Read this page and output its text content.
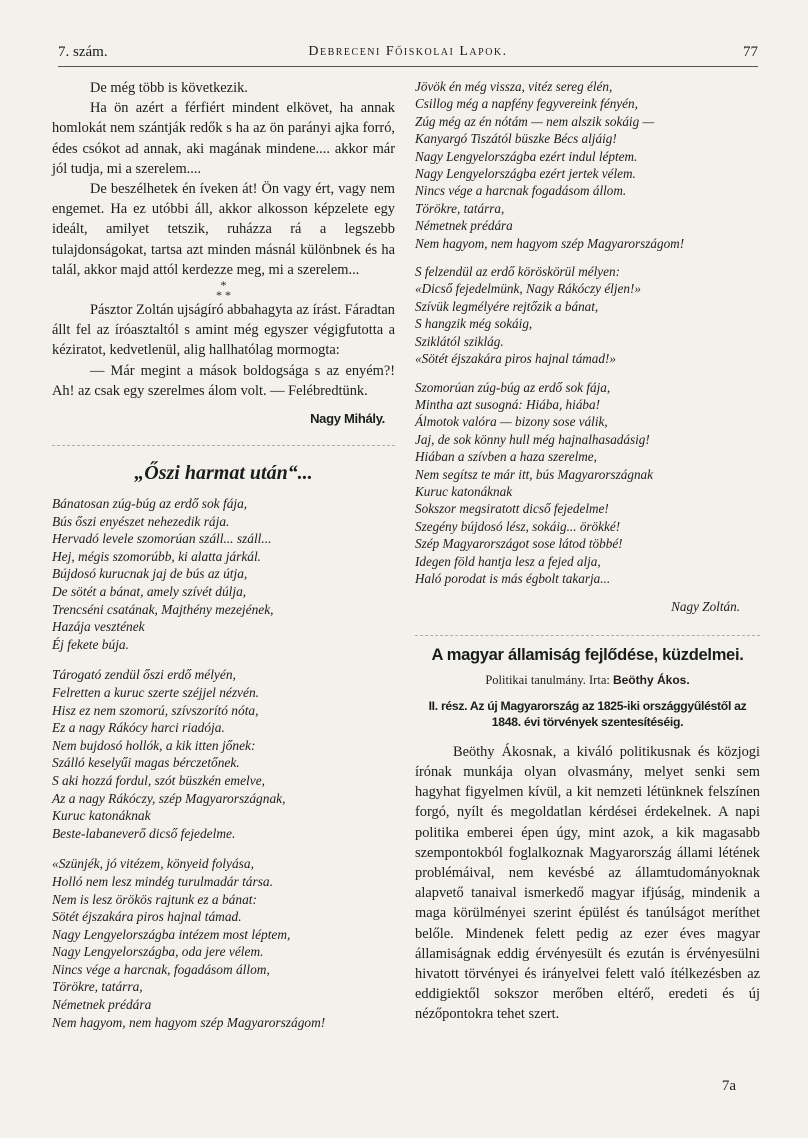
7. szám.	Debreceni Főiskolai Lapok.	77

De még több is következik.

Ha ön azért a férfiért mindent elkövet, ha annak homlokát nem szántják redők s ha az ön parányi ajka forró, édes csókot ad annak, aki magának mindene.... akkor már jól tudja, mi a szerelem....

De beszélhetek én íveken át! Ön vagy ért, vagy nem engemet. Ha ez utóbbi áll, akkor alkosson képzelete egy ideált, amilyet tetszik, ruházza rá a legszebb tulajdonságokat, tartsa azt minden másnál különbnek és ha talál, akkor majd attól kerdezze meg, mi a szerelem...

*
* *

Pásztor Zoltán ujságíró abbahagyta az írást. Fáradtan állt fel az íróasztaltól s amint még egyszer végigfutotta a kéziratot, kedvetlenül, alig hallhatólag mormogta:

— Már megint a mások boldogsága s az enyém?! Ah! az csak egy szerelmes álom volt. — Felébredtünk.

Nagy Mihály.
„Őszi harmat után“...
Bánatosan zúg-búg az erdő sok fája,
Bús őszi enyészet nehezedik rája.
Hervadó levele szomorúan száll... száll...
Hej, mégis szomorúbb, ki alatta járkál.
Bújdosó kurucnak jaj de bús az útja,
De sötét a bánat, amely szívét dúlja,
Trencséni csatának, Majthény mezejének,
Hazája vesztének
Éj fekete búja.
Tárogató zendül őszi erdő mélyén,
Felretten a kuruc szerte széjjel nézvén.
Hisz ez nem szomorú, szívszorító nóta,
Ez a nagy Rákócy harci riadója.
Nem bujdosó hollók, a kik itten jőnek:
Szálló keselyűi magas bérczetőnek.
S aki hozzá fordul, szót büszkén emelve,
Az a nagy Rákóczy, szép Magyarországnak,
Kuruc katonáknak
Beste-labaneverő dicső fejedelme.
«Szünjék, jó vitézem, könyeid folyása,
Holló nem lesz mindég turulmadár társa.
Nem is lesz örökös rajtunk ez a bánat:
Sötét éjszakára piros hajnal támad.
Nagy Lengyelországba intézem most léptem,
Nagy Lengyelországba, oda jere vélem.
Nincs vége a harcnak, fogadásom állom,
Törökre, tatárra,
Németnek prédára
Nem hagyom, nem hagyom szép Magyarországom!
Jövök én még vissza, vitéz sereg élén,
Csillog még a napfény fegyvereink fényén,
Zúg még az én nótám — nem alszik sokáig —
Kanyargó Tiszától büszke Bécs aljáig!
Nagy Lengyelországba ezért indul léptem.
Nagy Lengyelországba ezért jertek vélem.
Nincs vége a harcnak fogadásom állom.
Törökre, tatárra,
Németnek prédára
Nem hagyom, nem hagyom szép Magyarországom!
S felzendül az erdő köröskörül mélyen:
«Dicső fejedelmünk, Nagy Rákóczy éljen!»
Szívük legmélyére rejtőzik a bánat,
S hangzik még sokáig,
Sziklától sziklág.
«Sötét éjszakára piros hajnal támad!»
Szomorúan zúg-búg az erdő sok fája,
Mintha azt susogná: Hiába, hiába!
Álmotok valóra — bizony sose válik,
Jaj, de sok könny hull még hajnalhasadásig!
Hiában a szívben a haza szerelme,
Nem segítsz te már itt, bús Magyarországnak
Kuruc katonáknak
Sokszor megsiratott dicső fejedelme!
Szegény bújdosó lész, sokáig... örökké!
Szép Magyarországot sose látod többé!
Idegen föld hantja lesz a fejed alja,
Haló porodat is más égbolt takarja...
Nagy Zoltán.
A magyar államiság fejlődése, küzdelmei.
Politikai tanulmány. Irta: Beöthy Ákos.
II. rész. Az új Magyarország az 1825-iki országgyűléstől az 1848. évi törvények szentesítéséig.

Beöthy Ákosnak, a kiváló politikusnak és közjogi írónak munkája olyan olvasmány, melyet senki sem hagyhat figyelmen kívül, a kit nemzeti létünknek felszínen forgó, nyílt és megoldatlan kérdései érdekelnek. A napi politika emberei épen úgy, mint azok, a kik magasabb szempontokból foglalkoznak Magyarország állami létének problémáival, nem kevésbé az államtudományoknak alapvető tanaival ismerkedő magyar ifjúság, mindenik a maga körülményei szerint épülést és tanúlságot meríthet belőle. Mindenek felett pedig az ezer éves magyar államiságnak eddig érvényesült és ezután is érvényesülni hivatott törvényei és irányelvei felett való ítélkezésben az eddigiektől sokszor merőben eltérő, eredeti és új nézőpontokra tehet szert.

7a
